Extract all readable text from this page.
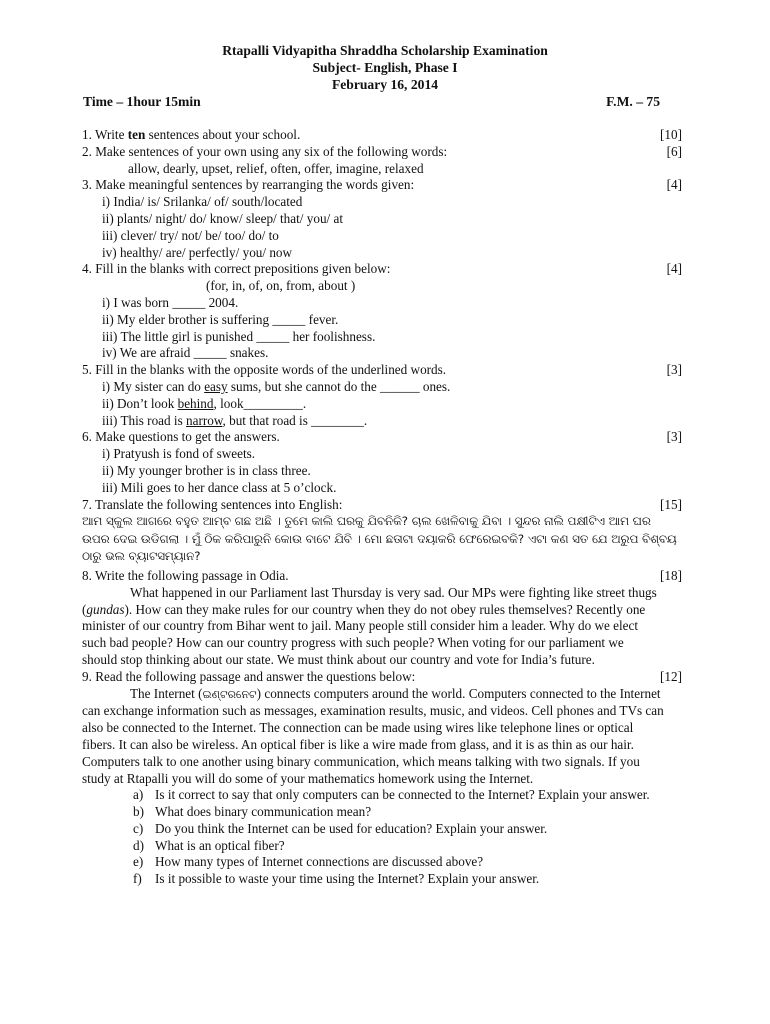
Rtapalli Vidyapitha Shraddha Scholarship Examination
Subject- English, Phase I
February 16, 2014
Time – 1hour 15min	F.M. – 75
1. Write ten sentences about your school.	[10]
2. Make sentences of your own using any six of the following words:	[6]
allow, dearly, upset, relief, often, offer, imagine, relaxed
3. Make meaningful sentences by rearranging the words given:	[4]
i) India/ is/ Srilanka/ of/ south/located
ii) plants/ night/ do/ know/ sleep/ that/ you/ at
iii) clever/ try/ not/ be/ too/ do/ to
iv) healthy/ are/ perfectly/ you/ now
4. Fill in the blanks with correct prepositions given below:	[4]
(for, in, of, on, from, about )
i) I was born _____ 2004.
ii) My elder brother is suffering _____ fever.
iii) The little girl is punished _____ her foolishness.
iv) We are afraid _____ snakes.
5. Fill in the blanks with the opposite words of the underlined words.	[3]
i) My sister can do easy sums, but she cannot do the ______ ones.
ii) Don’t look behind, look_________.
iii) This road is narrow, but that road is ________.
6. Make questions to get the answers.	[3]
i) Pratyush is fond of sweets.
ii) My younger brother is in class three.
iii) Mili goes to her dance class at 5 o’clock.
7. Translate the following sentences into English:	[15]
ଆମ ସ୍କୁଲ ଆଗରେ ବହୁତ ଆମ୍ବ ଗଛ ଅଛି । ତୁମେ କାଲି ଘରକୁ ଯିବନିକି? ଚାଲ ଖେଳିବାକୁ ଯିବା । ସୁନ୍ଦର ନାଲି ପକ୍ଷୀଟିଏ ଆମ ଘର ଉପର ଦେଇ ଉଡିଗଲା । ମୁଁ ଠିକ କରିପାରୁନି କୋଉ ବାଟେ ଯିବି । ମୋ ଛତାଟା ଦୟାକରି ଫେରେଇବକି? ଏଟା କଣ ସତ ଯେ ଅରୁପ ବିଶ୍ବୟ ଠାରୁ ଭଲ ବ୍ୟାଟସମ୍ୟାନ?
8. Write the following passage in Odia.	[18]
What happened in our Parliament last Thursday is very sad. Our MPs were fighting like street thugs (gundas). How can they make rules for our country when they do not obey rules themselves? Recently one minister of our country from Bihar went to jail. Many people still consider him a leader. Why do we elect such bad people? How can our country progress with such people? When voting for our parliament we should stop thinking about our state. We must think about our country and vote for India’s future.
9. Read the following passage and answer the questions below:	[12]
The Internet (ଇଣ୍ଟରନେଟ) connects computers around the world. Computers connected to the Internet can exchange information such as messages, examination results, music, and videos. Cell phones and TVs can also be connected to the Internet. The connection can be made using wires like telephone lines or optical fibers. It can also be wireless. An optical fiber is like a wire made from glass, and it is as thin as our hair. Computers talk to one another using binary communication, which means talking with two signals. If you study at Rtapalli you will do some of your mathematics homework using the Internet.
a) Is it correct to say that only computers can be connected to the Internet? Explain your answer.
b) What does binary communication mean?
c) Do you think the Internet can be used for education? Explain your answer.
d) What is an optical fiber?
e) How many types of Internet connections are discussed above?
f) Is it possible to waste your time using the Internet? Explain your answer.
